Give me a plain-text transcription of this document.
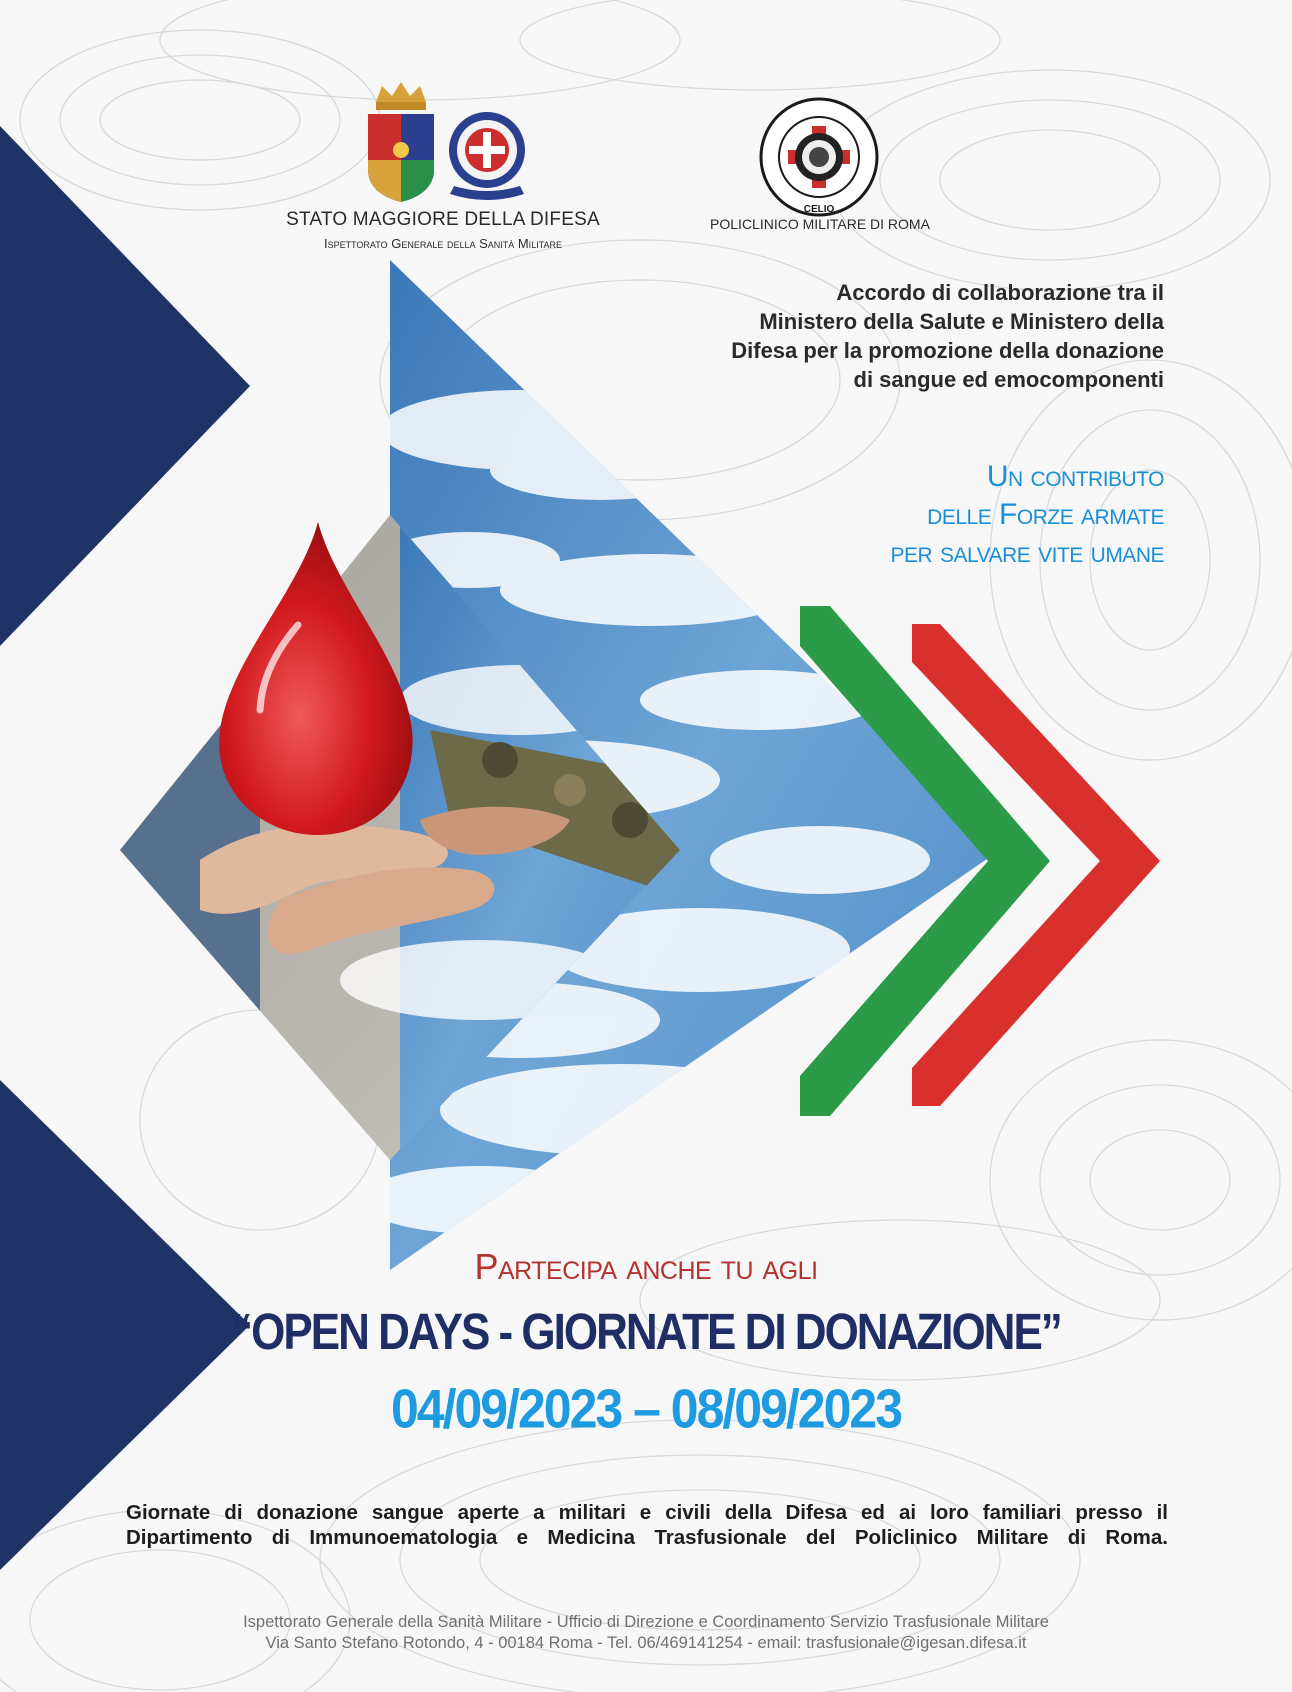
CELIO
STATO MAGGIORE DELLA DIFESA
Ispettorato Generale della Sanità Militare
POLICLINICO MILITARE DI ROMA
Accordo di collaborazione tra il
Ministero della Salute e Ministero della
Difesa per la promozione della donazione
di sangue ed emocomponenti
Un contributo
delle Forze armate
per salvare vite umane
Partecipa anche tu agli
“OPEN DAYS - GIORNATE DI DONAZIONE”
04/09/2023 – 08/09/2023

Giornate di donazione sangue aperte a militari e civili della Difesa ed ai loro familiari presso il

Dipartimento di Immunoematologia e Medicina Trasfusionale del Policlinico Militare di Roma.

Ispettorato Generale della Sanità Militare - Ufficio di Direzione e Coordinamento Servizio Trasfusionale Militare
Via Santo Stefano Rotondo, 4 - 00184 Roma - Tel. 06/469141254 - email: trasfusionale@igesan.difesa.it
